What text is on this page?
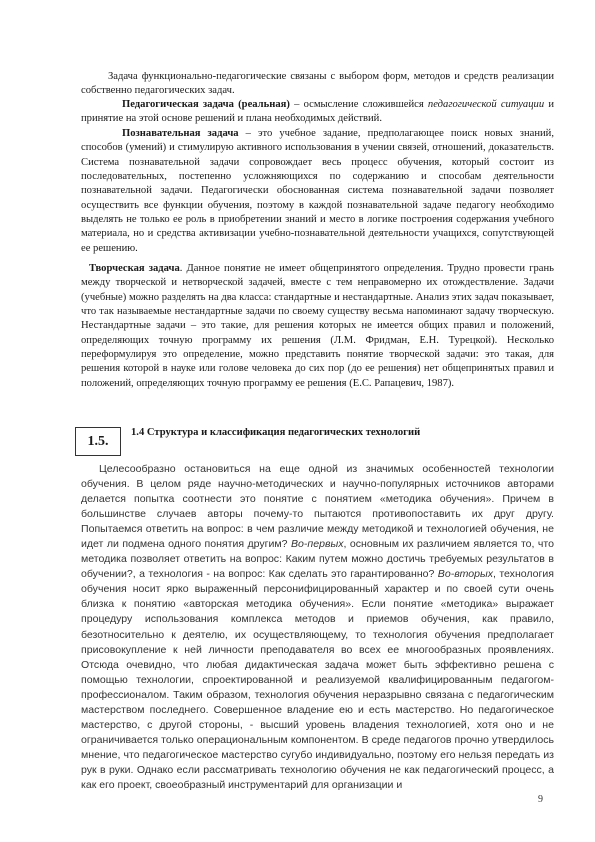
Задача функционально-педагогические связаны с выбором форм, методов и средств реализации собственно педагогических задач.

Педагогическая задача (реальная) – осмысление сложившейся педагогической ситуации и принятие на этой основе решений и плана необходимых действий.

Познавательная задача – это учебное задание, предполагающее поиск новых знаний, способов (умений) и стимулирую активного использования в учении связей, отношений, доказательств. Система познавательной задачи сопровождает весь процесс обучения, который состоит из последовательных, постепенно усложняющихся по содержанию и способам деятельности познавательной задачи. Педагогически обоснованная система познавательной задачи позволяет осуществить все функции обучения, поэтому в каждой познавательной задаче педагогу необходимо выделять не только ее роль в приобретении знаний и место в логике построения содержания учебного материала, но и средства активизации учебно-познавательной деятельности учащихся, сопутствующей ее решению.

Творческая задача. Данное понятие не имеет общепринятого определения. Трудно провести грань между творческой и нетворческой задачей, вместе с тем неправомерно их отождествление. Задачи (учебные) можно разделять на два класса: стандартные и нестандартные. Анализ этих задач показывает, что так называемые нестандартные задачи по своему существу весьма напоминают задачу творческую. Нестандартные задачи – это такие, для решения которых не имеется общих правил и положений, определяющих точную программу их решения (Л.М. Фридман, Е.Н. Турецкой). Несколько переформулируя это определение, можно представить понятие творческой задачи: это такая, для решения которой в науке или голове человека до сих пор (до ее решения) нет общепринятых правил и положений, определяющих точную программу ее решения (Е.С. Рапацевич, 1987).

1.5.

1.4 Структура и классификация педагогических технологий

Целесообразно остановиться на еще одной из значимых особенностей технологии обучения. В целом ряде научно-методических и научно-популярных источников авторами делается попытка соотнести это понятие с понятием «методика обучения». Причем в большинстве случаев авторы почему-то пытаются противопоставить их друг другу. Попытаемся ответить на вопрос: в чем различие между методикой и технологией обучения, не идет ли подмена одного понятия другим? Во-первых, основным их различием является то, что методика позволяет ответить на вопрос: Каким путем можно достичь требуемых результатов в обучении?, а технология - на вопрос: Как сделать это гарантированно? Во-вторых, технология обучения носит ярко выраженный персонифицированный характер и по своей сути очень близка к понятию «авторская методика обучения». Если понятие «методика» выражает процедуру использования комплекса методов и приемов обучения, как правило, безотносительно к деятелю, их осуществляющему, то технология обучения предполагает присовокупление к ней личности преподавателя во всех ее многообразных проявлениях. Отсюда очевидно, что любая дидактическая задача может быть эффективно решена с помощью технологии, спроектированной и реализуемой квалифицированным педагогом-профессионалом. Таким образом, технология обучения неразрывно связана с педагогическим мастерством последнего. Совершенное владение ею и есть мастерство. Но педагогическое мастерство, с другой стороны, - высший уровень владения технологией, хотя оно и не ограничивается только операциональным компонентом. В среде педагогов прочно утвердилось мнение, что педагогическое мастерство сугубо индивидуально, поэтому его нельзя передать из рук в руки. Однако если рассматривать технологию обучения не как педагогический процесс, а как его проект, своеобразный инструментарий для организации и

9
